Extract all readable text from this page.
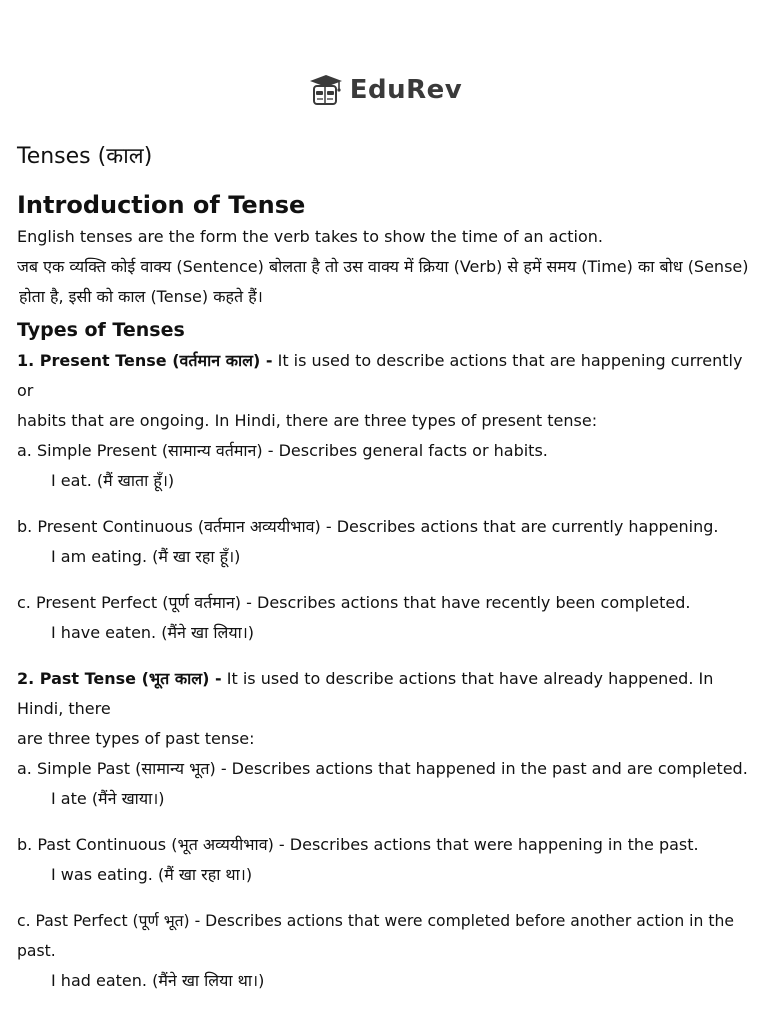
EduRev
Tenses (काल)
Introduction of Tense

English tenses are the form the verb takes to show the time of an action.

जब एक व्यक्ति कोई वाक्य (Sentence) बोलता है तो उस वाक्य में क्रिया (Verb) से हमें समय (Time) का बोध (Sense)

होता है, इसी को काल (Tense) कहते हैं।

Types of Tenses

1. Present Tense (वर्तमान काल) - It is used to describe actions that are happening currently or

habits that are ongoing. In Hindi, there are three types of present tense:

a. Simple Present (सामान्य वर्तमान) - Describes general facts or habits.

I eat. (मैं खाता हूँ।)

b. Present Continuous (वर्तमान अव्ययीभाव) - Describes actions that are currently happening.

I am eating. (मैं खा रहा हूँ।)

c. Present Perfect (पूर्ण वर्तमान) - Describes actions that have recently been completed.

I have eaten. (मैंने खा लिया।)

2. Past Tense (भूत काल) - It is used to describe actions that have already happened. In Hindi, there

are three types of past tense:

a. Simple Past (सामान्य भूत) - Describes actions that happened in the past and are completed.

I ate (मैंने खाया।)

b. Past Continuous (भूत अव्ययीभाव) - Describes actions that were happening in the past.

I was eating. (मैं खा रहा था।)

c. Past Perfect (पूर्ण भूत) - Describes actions that were completed before another action in the past.

I had eaten. (मैंने खा लिया था।)
